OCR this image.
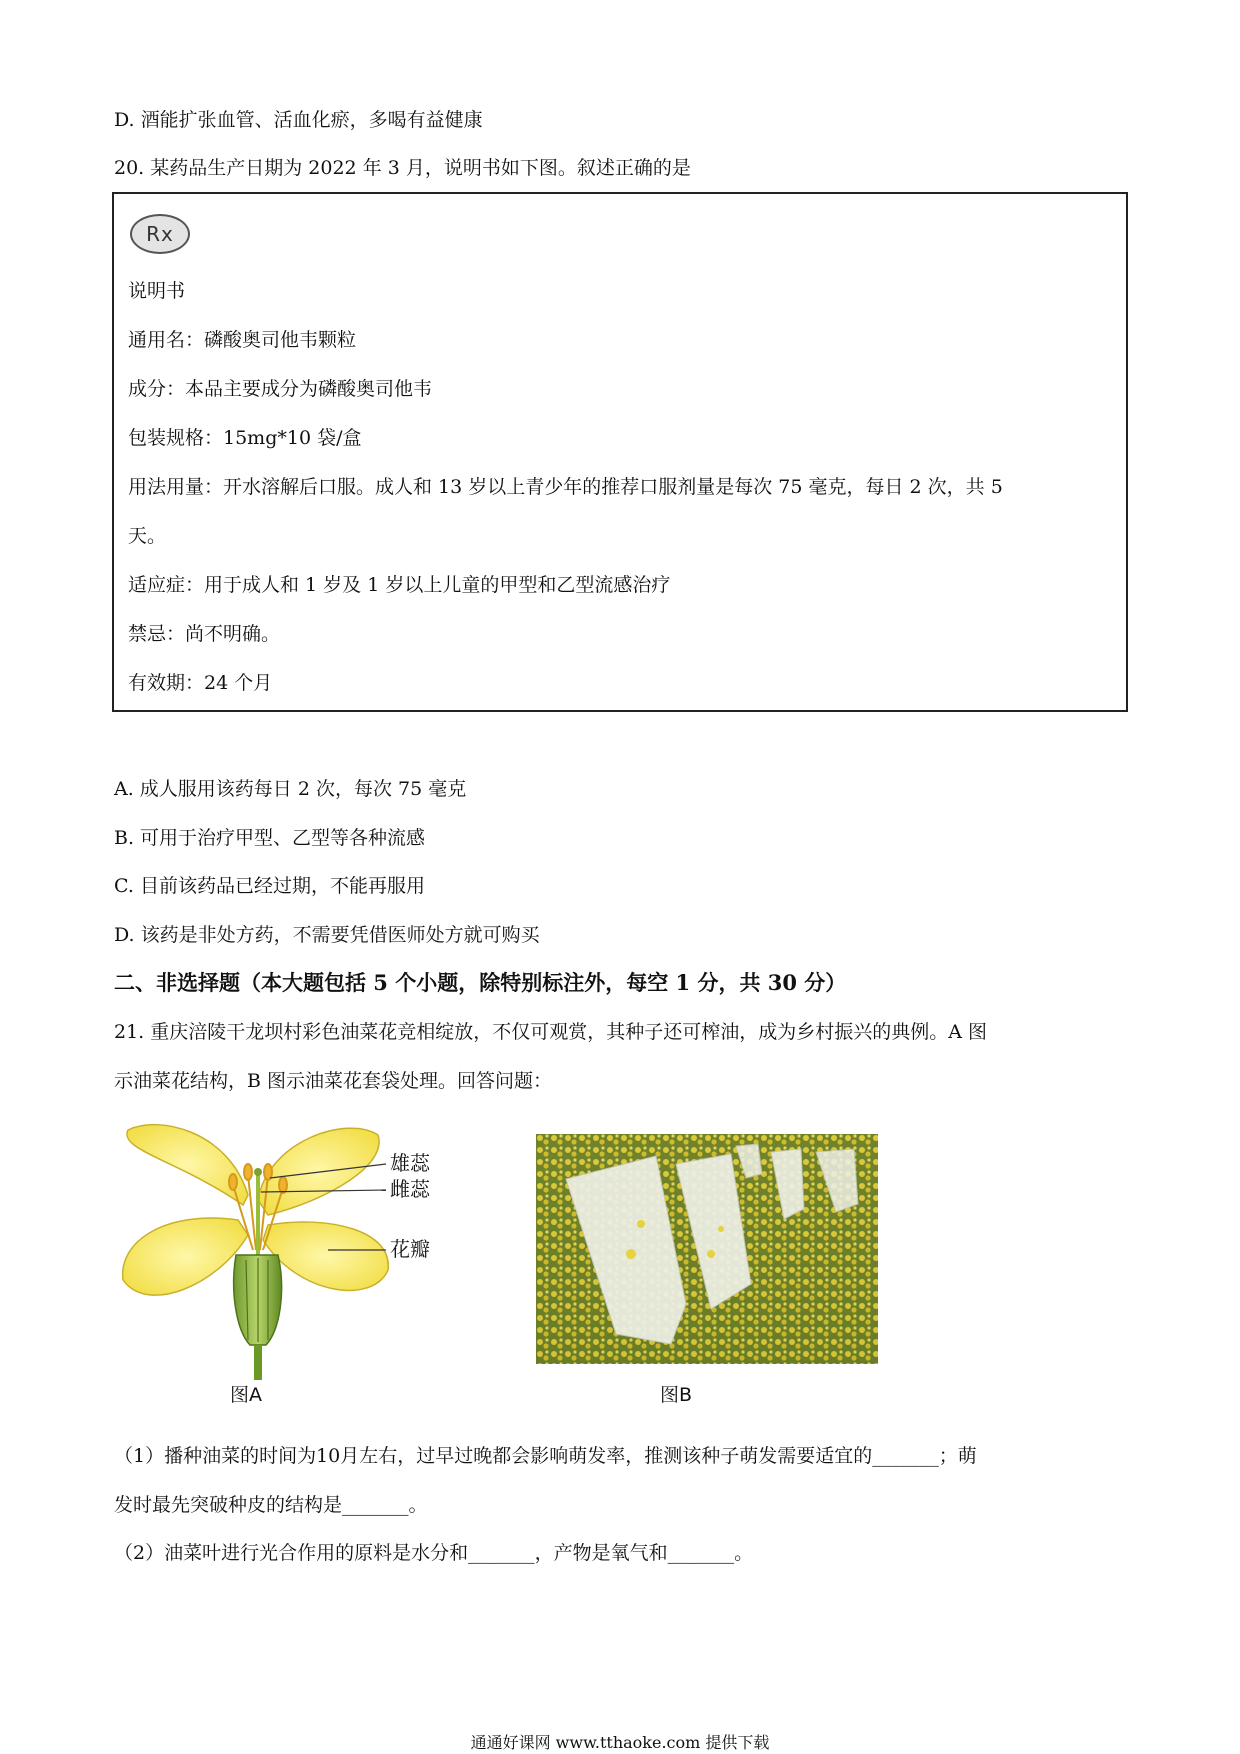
D. 酒能扩张血管、活血化瘀，多喝有益健康
20. 某药品生产日期为 2022 年 3 月，说明书如下图。叙述正确的是
Rx
说明书
通用名：磷酸奥司他韦颗粒
成分：本品主要成分为磷酸奥司他韦
包装规格：15mg*10 袋/盒
用法用量：开水溶解后口服。成人和 13 岁以上青少年的推荐口服剂量是每次 75 毫克，每日 2 次，共 5
天。
适应症：用于成人和 1 岁及 1 岁以上儿童的甲型和乙型流感治疗
禁忌：尚不明确。
有效期：24 个月
A. 成人服用该药每日 2 次，每次 75 毫克
B. 可用于治疗甲型、乙型等各种流感
C. 目前该药品已经过期，不能再服用
D. 该药是非处方药，不需要凭借医师处方就可购买
二、非选择题（本大题包括 5 个小题，除特别标注外，每空 1 分，共 30 分）
21. 重庆涪陵干龙坝村彩色油菜花竞相绽放，不仅可观赏，其种子还可榨油，成为乡村振兴的典例。A 图
示油菜花结构，B 图示油菜花套袋处理。回答问题：
雄蕊
雌蕊
花瓣
图A	图B
（1）播种油菜的时间为10月左右，过早过晚都会影响萌发率，推测该种子萌发需要适宜的_______；萌
发时最先突破种皮的结构是_______。
（2）油菜叶进行光合作用的原料是水分和_______，产物是氧气和_______。
通通好课网 www.tthaoke.com 提供下载
